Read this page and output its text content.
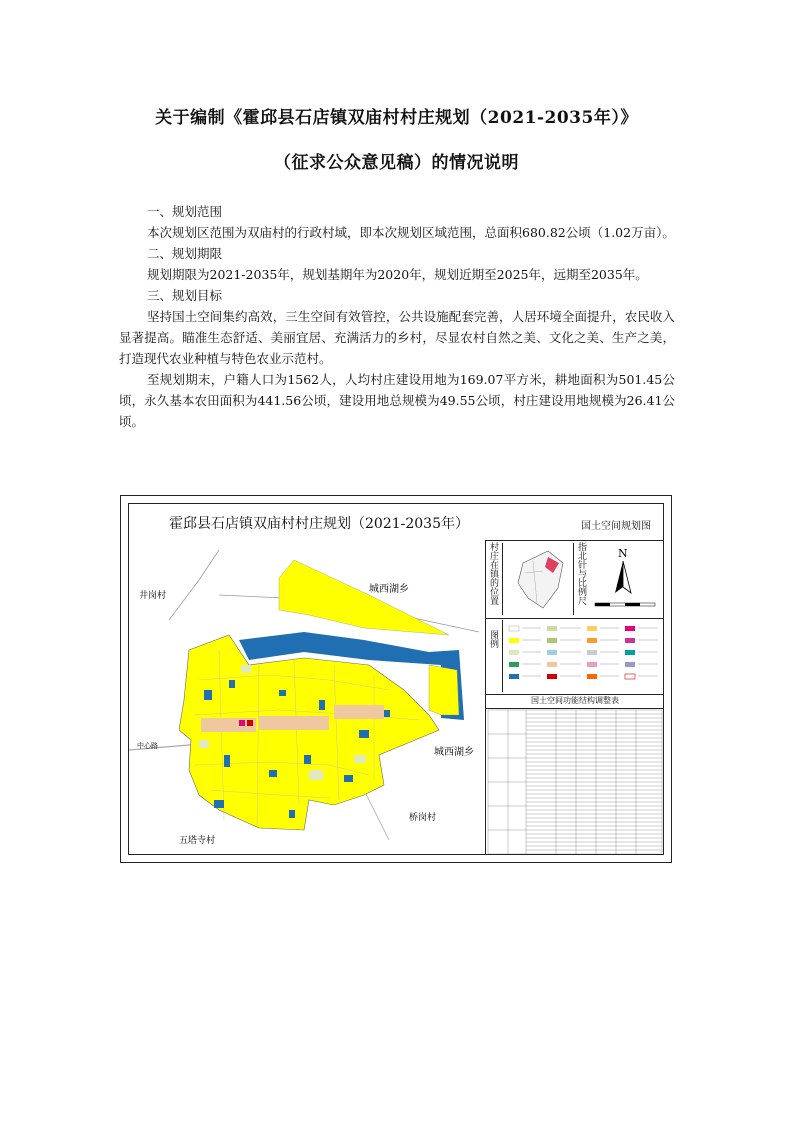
关于编制《霍邱县石店镇双庙村村庄规划（2021-2035年）》
（征求公众意见稿）的情况说明

一、规划范围

本次规划区范围为双庙村的行政村域，即本次规划区域范围，总面积680.82公顷（1.02万亩）。

二、规划期限

规划期限为2021-2035年，规划基期年为2020年，规划近期至2025年，远期至2035年。

三、规划目标

坚持国土空间集约高效，三生空间有效管控，公共设施配套完善，人居环境全面提升，农民收入显著提高。瞄准生态舒适、美丽宜居、充满活力的乡村，尽显农村自然之美、文化之美、生产之美，打造现代农业种植与特色农业示范村。

至规划期末，户籍人口为1562人，人均村庄建设用地为169.07平方米，耕地面积为501.45公顷，永久基本农田面积为441.56公顷，建设用地总规模为49.55公顷，村庄建设用地规模为26.41公顷。

霍邱县石店镇双庙村村庄规划（2021-2035年）	国土空间规划图
城西湖乡
城西湖乡
井岗村
五塔寺村
桥岗村
中心路
村庄在镇的位置	指北针与比例尺	N
图例
国土空间功能结构调整表
